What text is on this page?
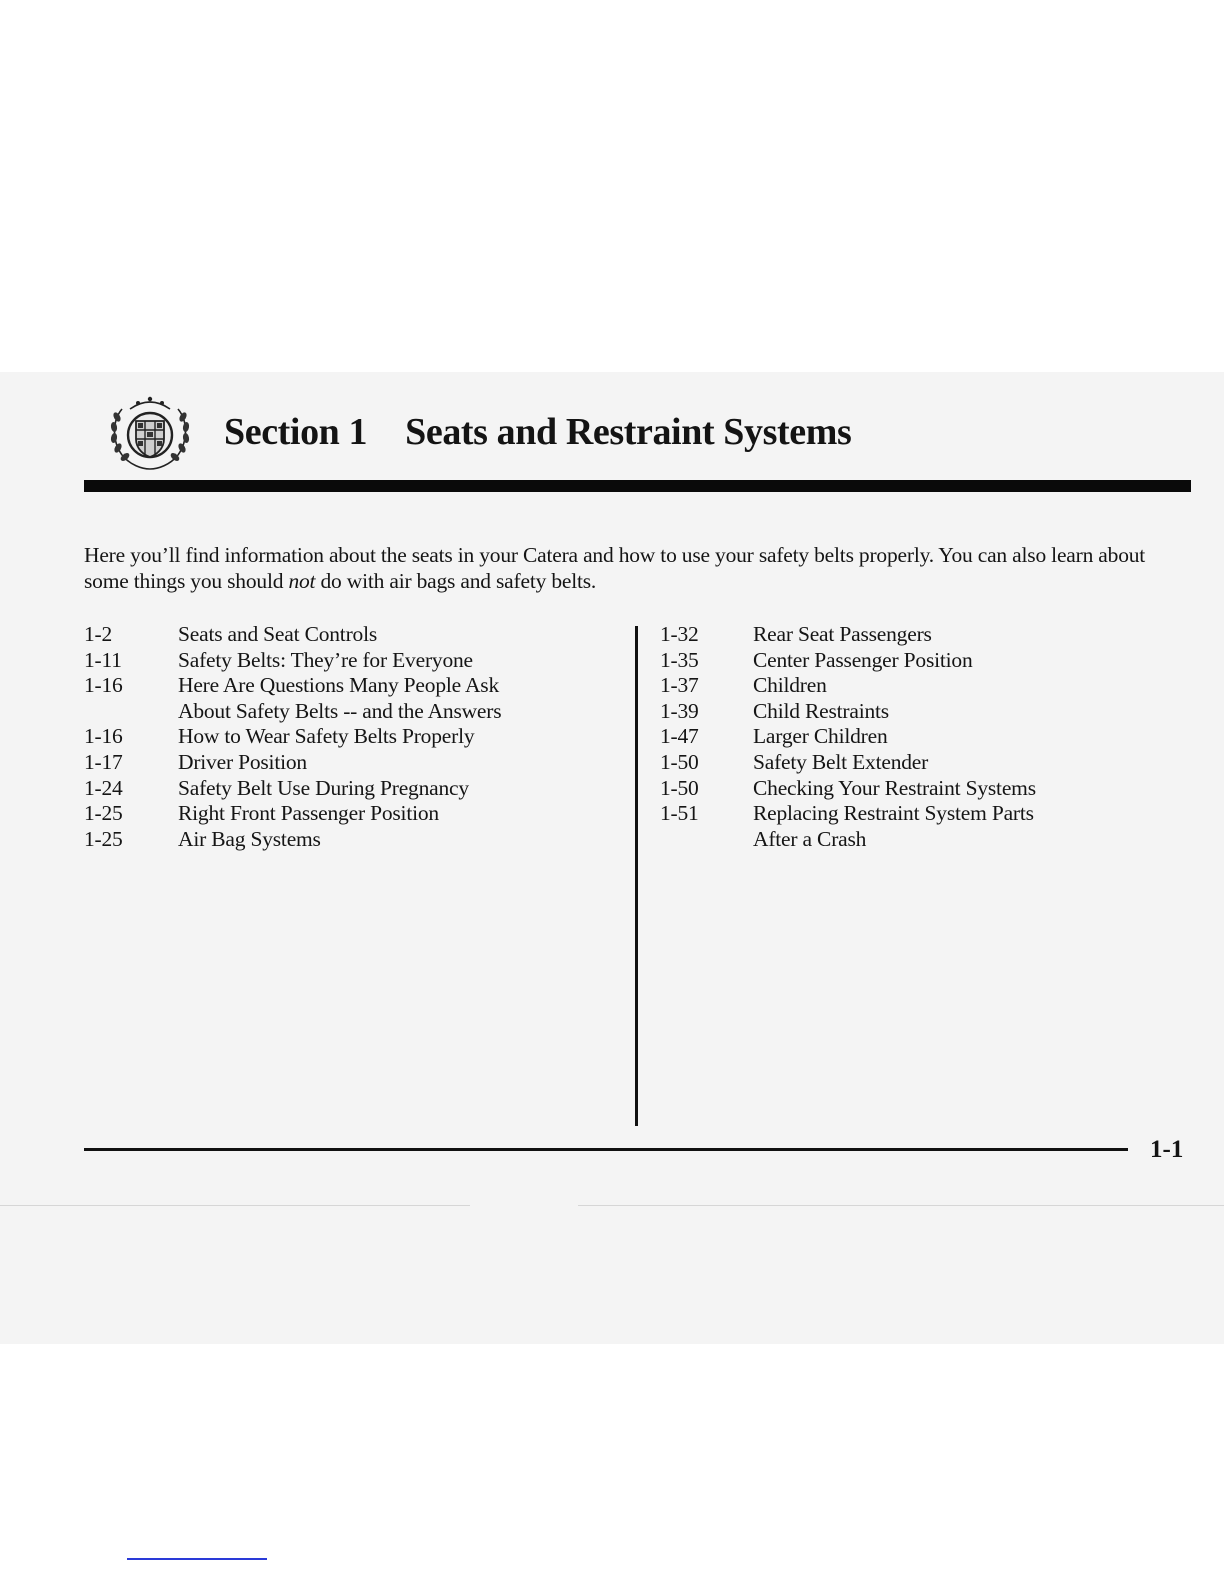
Section 1 Seats and Restraint Systems

Here you’ll find information about the seats in your Catera and how to use your safety belts properly. You can also learn about some things you should not do with air bags and safety belts.

1-2	Seats and Seat Controls
1-11	Safety Belts: They’re for Everyone
1-16	Here Are Questions Many People Ask
About Safety Belts -- and the Answers
1-16	How to Wear Safety Belts Properly
1-17	Driver Position
1-24	Safety Belt Use During Pregnancy
1-25	Right Front Passenger Position
1-25	Air Bag Systems
1-32	Rear Seat Passengers
1-35	Center Passenger Position
1-37	Children
1-39	Child Restraints
1-47	Larger Children
1-50	Safety Belt Extender
1-50	Checking Your Restraint Systems
1-51	Replacing Restraint System Parts
After a Crash
1-1
